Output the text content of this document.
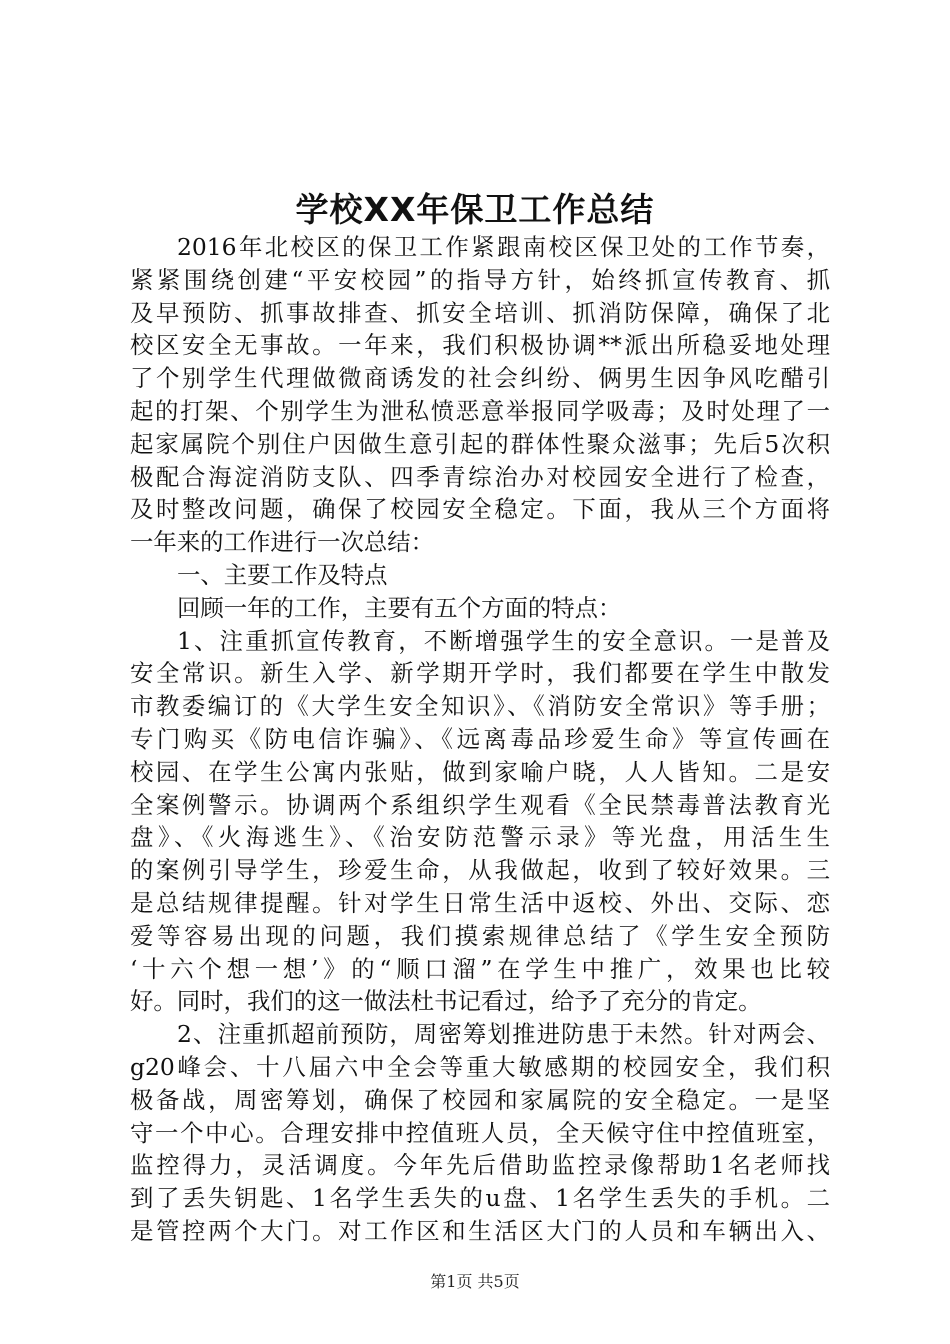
学校XX年保卫工作总结
2016年北校区的保卫工作紧跟南校区保卫处的工作节奏，
紧紧围绕创建“平安校园”的指导方针，始终抓宣传教育、抓
及早预防、抓事故排查、抓安全培训、抓消防保障，确保了北
校区安全无事故。一年来，我们积极协调**派出所稳妥地处理
了个别学生代理做微商诱发的社会纠纷、俩男生因争风吃醋引
起的打架、个别学生为泄私愤恶意举报同学吸毒；及时处理了一
起家属院个别住户因做生意引起的群体性聚众滋事；先后5次积
极配合海淀消防支队、四季青综治办对校园安全进行了检查，
及时整改问题，确保了校园安全稳定。下面，我从三个方面将
一年来的工作进行一次总结：
一、主要工作及特点
回顾一年的工作，主要有五个方面的特点：
1、注重抓宣传教育，不断增强学生的安全意识。一是普及
安全常识。新生入学、新学期开学时，我们都要在学生中散发
市教委编订的《大学生安全知识》、《消防安全常识》等手册；
专门购买《防电信诈骗》、《远离毒品珍爱生命》等宣传画在
校园、在学生公寓内张贴，做到家喻户晓，人人皆知。二是安
全案例警示。协调两个系组织学生观看《全民禁毒普法教育光
盘》、《火海逃生》、《治安防范警示录》等光盘，用活生生
的案例引导学生，珍爱生命，从我做起，收到了较好效果。三
是总结规律提醒。针对学生日常生活中返校、外出、交际、恋
爱等容易出现的问题，我们摸索规律总结了《学生安全预防
‘十六个想一想’》的“顺口溜”在学生中推广，效果也比较
好。同时，我们的这一做法杜书记看过，给予了充分的肯定。
2、注重抓超前预防，周密筹划推进防患于未然。针对两会、
g20峰会、十八届六中全会等重大敏感期的校园安全，我们积
极备战，周密筹划，确保了校园和家属院的安全稳定。一是坚
守一个中心。合理安排中控值班人员，全天候守住中控值班室，
监控得力，灵活调度。今年先后借助监控录像帮助1名老师找
到了丢失钥匙、1名学生丢失的u盘、1名学生丢失的手机。二
是管控两个大门。对工作区和生活区大门的人员和车辆出入、
第1页 共5页
